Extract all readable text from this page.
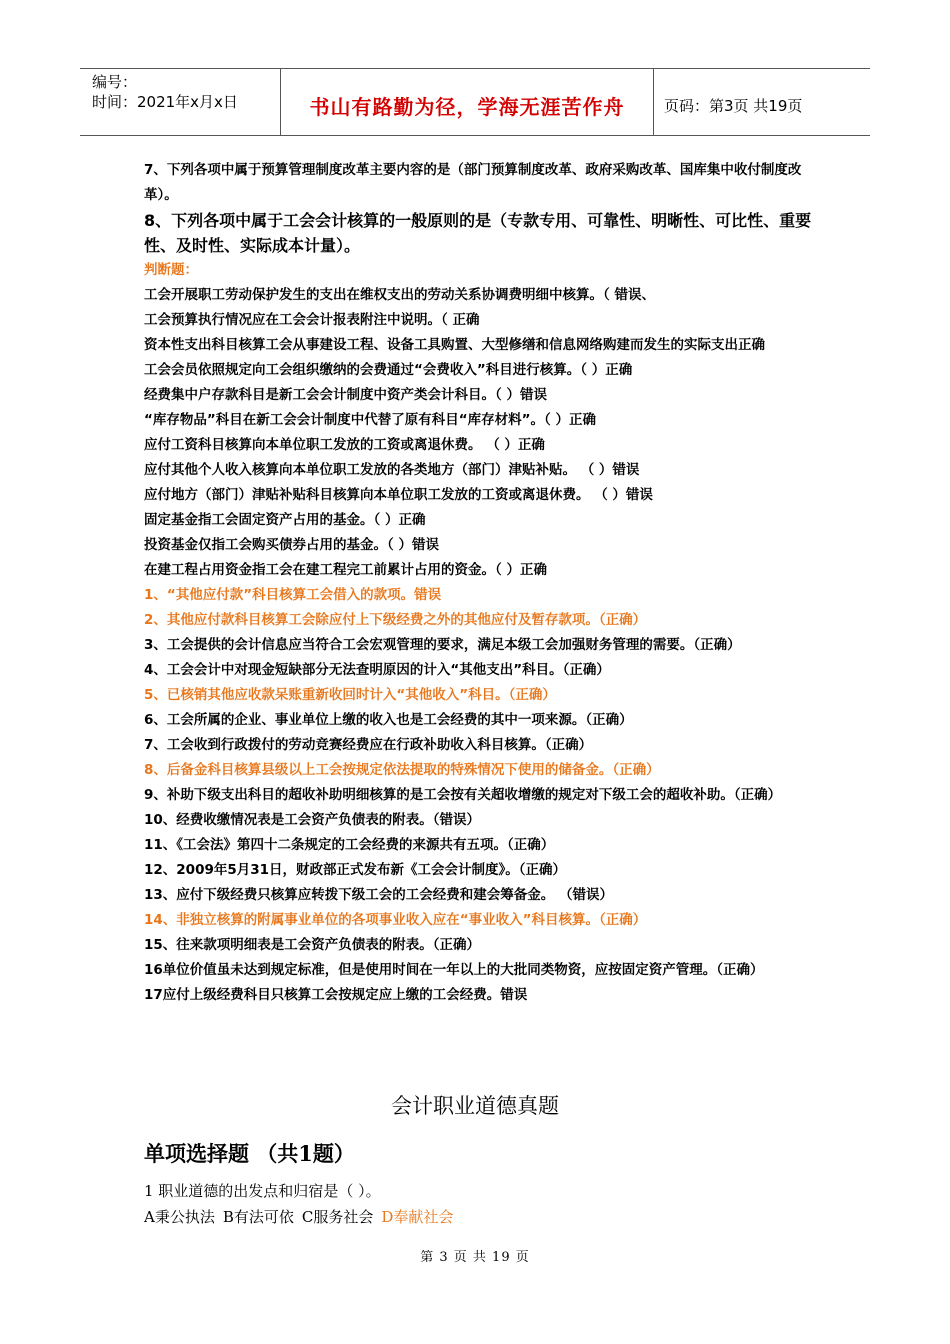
编号：
时间：2021年x月x日	书山有路勤为径，学海无涯苦作舟	页码：第3页 共19页

7、下列各项中属于预算管理制度改革主要内容的是（部门预算制度改革、政府采购改革、国库集中收付制度改革）。

8、下列各项中属于工会会计核算的一般原则的是（专款专用、可靠性、明晰性、可比性、重要性、及时性、实际成本计量）。

判断题：

工会开展职工劳动保护发生的支出在维权支出的劳动关系协调费明细中核算。（ 错误、

工会预算执行情况应在工会会计报表附注中说明。（ 正确

资本性支出科目核算工会从事建设工程、设备工具购置、大型修缮和信息网络购建而发生的实际支出正确

工会会员依照规定向工会组织缴纳的会费通过“会费收入”科目进行核算。（ ）正确

经费集中户存款科目是新工会会计制度中资产类会计科目。（ ）错误

“库存物品”科目在新工会会计制度中代替了原有科目“库存材料”。（ ）正确

应付工资科目核算向本单位职工发放的工资或离退休费。 （ ）正确

应付其他个人收入核算向本单位职工发放的各类地方（部门）津贴补贴。 （ ）错误

应付地方（部门）津贴补贴科目核算向本单位职工发放的工资或离退休费。 （ ）错误

固定基金指工会固定资产占用的基金。（ ）正确

投资基金仅指工会购买债券占用的基金。（ ）错误

在建工程占用资金指工会在建工程完工前累计占用的资金。（ ）正确

1、“其他应付款”科目核算工会借入的款项。错误

2、其他应付款科目核算工会除应付上下级经费之外的其他应付及暂存款项。（正确）

3、工会提供的会计信息应当符合工会宏观管理的要求，满足本级工会加强财务管理的需要。（正确）

4、工会会计中对现金短缺部分无法查明原因的计入“其他支出”科目。（正确）

5、已核销其他应收款呆账重新收回时计入“其他收入”科目。（正确）

6、工会所属的企业、事业单位上缴的收入也是工会经费的其中一项来源。（正确）

7、工会收到行政拨付的劳动竞赛经费应在行政补助收入科目核算。（正确）

8、后备金科目核算县级以上工会按规定依法提取的特殊情况下使用的储备金。（正确）

9、补助下级支出科目的超收补助明细核算的是工会按有关超收增缴的规定对下级工会的超收补助。（正确）

10、经费收缴情况表是工会资产负债表的附表。（错误）

11、《工会法》第四十二条规定的工会经费的来源共有五项。（正确）

12、2009年5月31日，财政部正式发布新《工会会计制度》。（正确）

13、应付下级经费只核算应转拨下级工会的工会经费和建会筹备金。 （错误）

14、非独立核算的附属事业单位的各项事业收入应在“事业收入”科目核算。（正确）

15、往来款项明细表是工会资产负债表的附表。（正确）

16单位价值虽未达到规定标准，但是使用时间在一年以上的大批同类物资，应按固定资产管理。（正确）

17应付上级经费科目只核算工会按规定应上缴的工会经费。错误

会计职业道德真题
单项选择题 （共1题）
1 职业道德的出发点和归宿是（ ）。
A秉公执法 B有法可依 C服务社会 D奉献社会
第 3 页 共 19 页
